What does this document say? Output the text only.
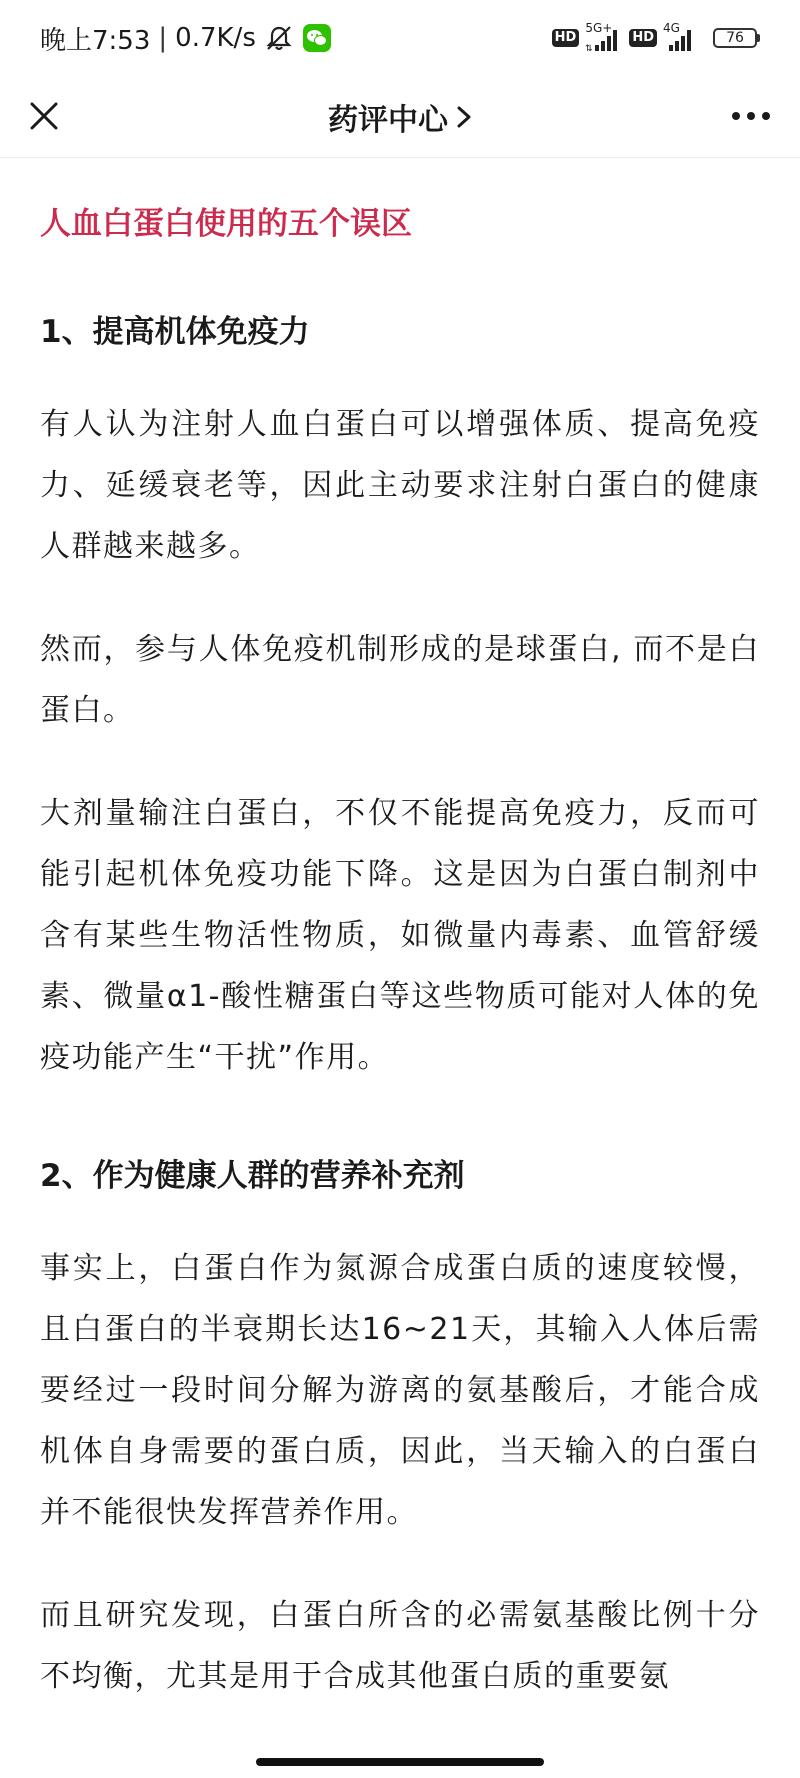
晚上7:53 | 0.7K/s	HD
5G+
⇅
HD
4G
76
药评中心
人血白蛋白使用的五个误区
1、提高机体免疫力

有人认为注射人血白蛋白可以增强体质、提高免疫力、延缓衰老等，因此主动要求注射白蛋白的健康人群越来越多。

然而，参与人体免疫机制形成的是球蛋白, 而不是白蛋白。

大剂量输注白蛋白，不仅不能提高免疫力，反而可能引起机体免疫功能下降。这是因为白蛋白制剂中含有某些生物活性物质，如微量内毒素、血管舒缓素、微量α1-酸性糖蛋白等这些物质可能对人体的免疫功能产生“干扰”作用。

2、作为健康人群的营养补充剂

事实上，白蛋白作为氮源合成蛋白质的速度较慢，且白蛋白的半衰期长达16~21天，其输入人体后需要经过一段时间分解为游离的氨基酸后，才能合成机体自身需要的蛋白质，因此，当天输入的白蛋白并不能很快发挥营养作用。

而且研究发现，白蛋白所含的必需氨基酸比例十分不均衡，尤其是用于合成其他蛋白质的重要氨
